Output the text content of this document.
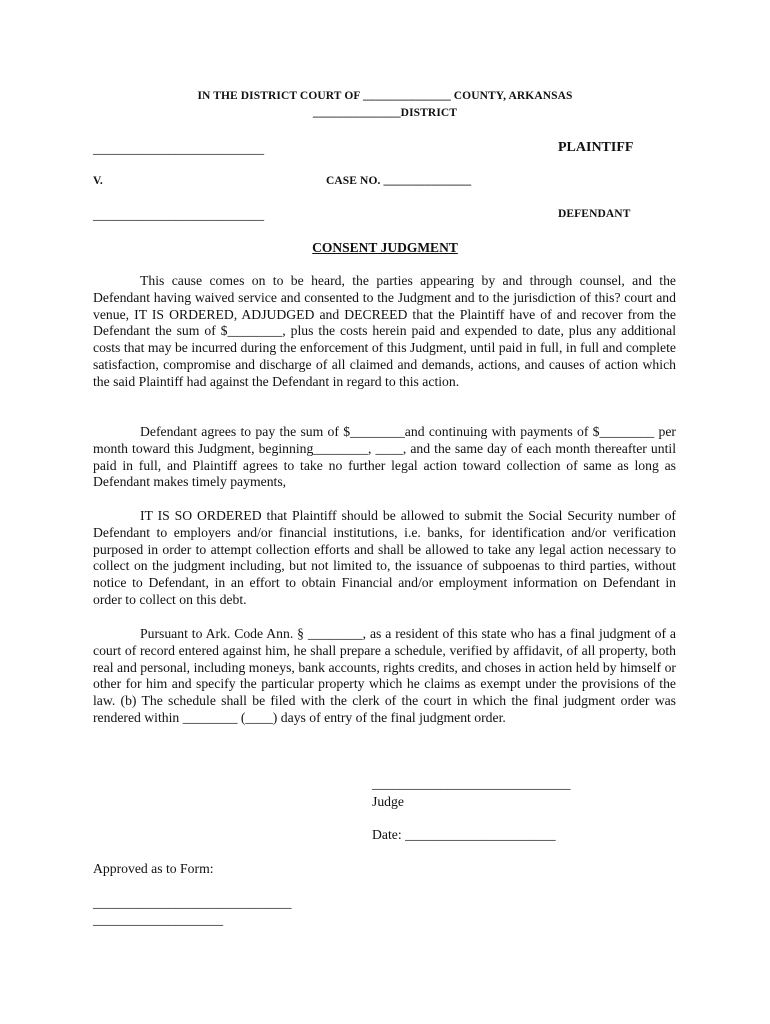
IN THE DISTRICT COURT OF _______________ COUNTY, ARKANSAS
_______________DISTRICT
_________________________	PLAINTIFF
V.	CASE NO. _______________
_________________________	DEFENDANT
CONSENT JUDGMENT
This cause comes on to be heard, the parties appearing by and through counsel, and the Defendant having waived service and consented to the Judgment and to the jurisdiction of this? court and venue, IT IS ORDERED, ADJUDGED and DECREED that the Plaintiff have of and recover from the Defendant the sum of $________, plus the costs herein paid and expended to date, plus any additional costs that may be incurred during the enforcement of this Judgment, until paid in full, in full and complete satisfaction, compromise and discharge of all claimed and demands, actions, and causes of action which the said Plaintiff had against the Defendant in regard to this action.
Defendant agrees to pay the sum of $________and continuing with payments of $________ per month toward this Judgment, beginning________, ____, and the same day of each month thereafter until paid in full, and Plaintiff agrees to take no further legal action toward collection of same as long as Defendant makes timely payments,
IT IS SO ORDERED that Plaintiff should be allowed to submit the Social Security number of Defendant to employers and/or financial institutions, i.e. banks, for identification and/or verification purposed in order to attempt collection efforts and shall be allowed to take any legal action necessary to collect on the judgment including, but not limited to, the issuance of subpoenas to third parties, without notice to Defendant, in an effort to obtain Financial and/or employment information on Defendant in order to collect on this debt.
Pursuant to Ark. Code Ann. § ________, as a resident of this state who has a final judgment of a court of record entered against him, he shall prepare a schedule, verified by affidavit, of all property, both real and personal, including moneys, bank accounts, rights credits, and choses in action held by himself or other for him and specify the particular property which he claims as exempt under the provisions of the law. (b) The schedule shall be filed with the clerk of the court in which the final judgment order was rendered within ________ (____) days of entry of the final judgment order.
_____________________________
Judge
Date: ______________________
Approved as to Form:
_____________________________
___________________
